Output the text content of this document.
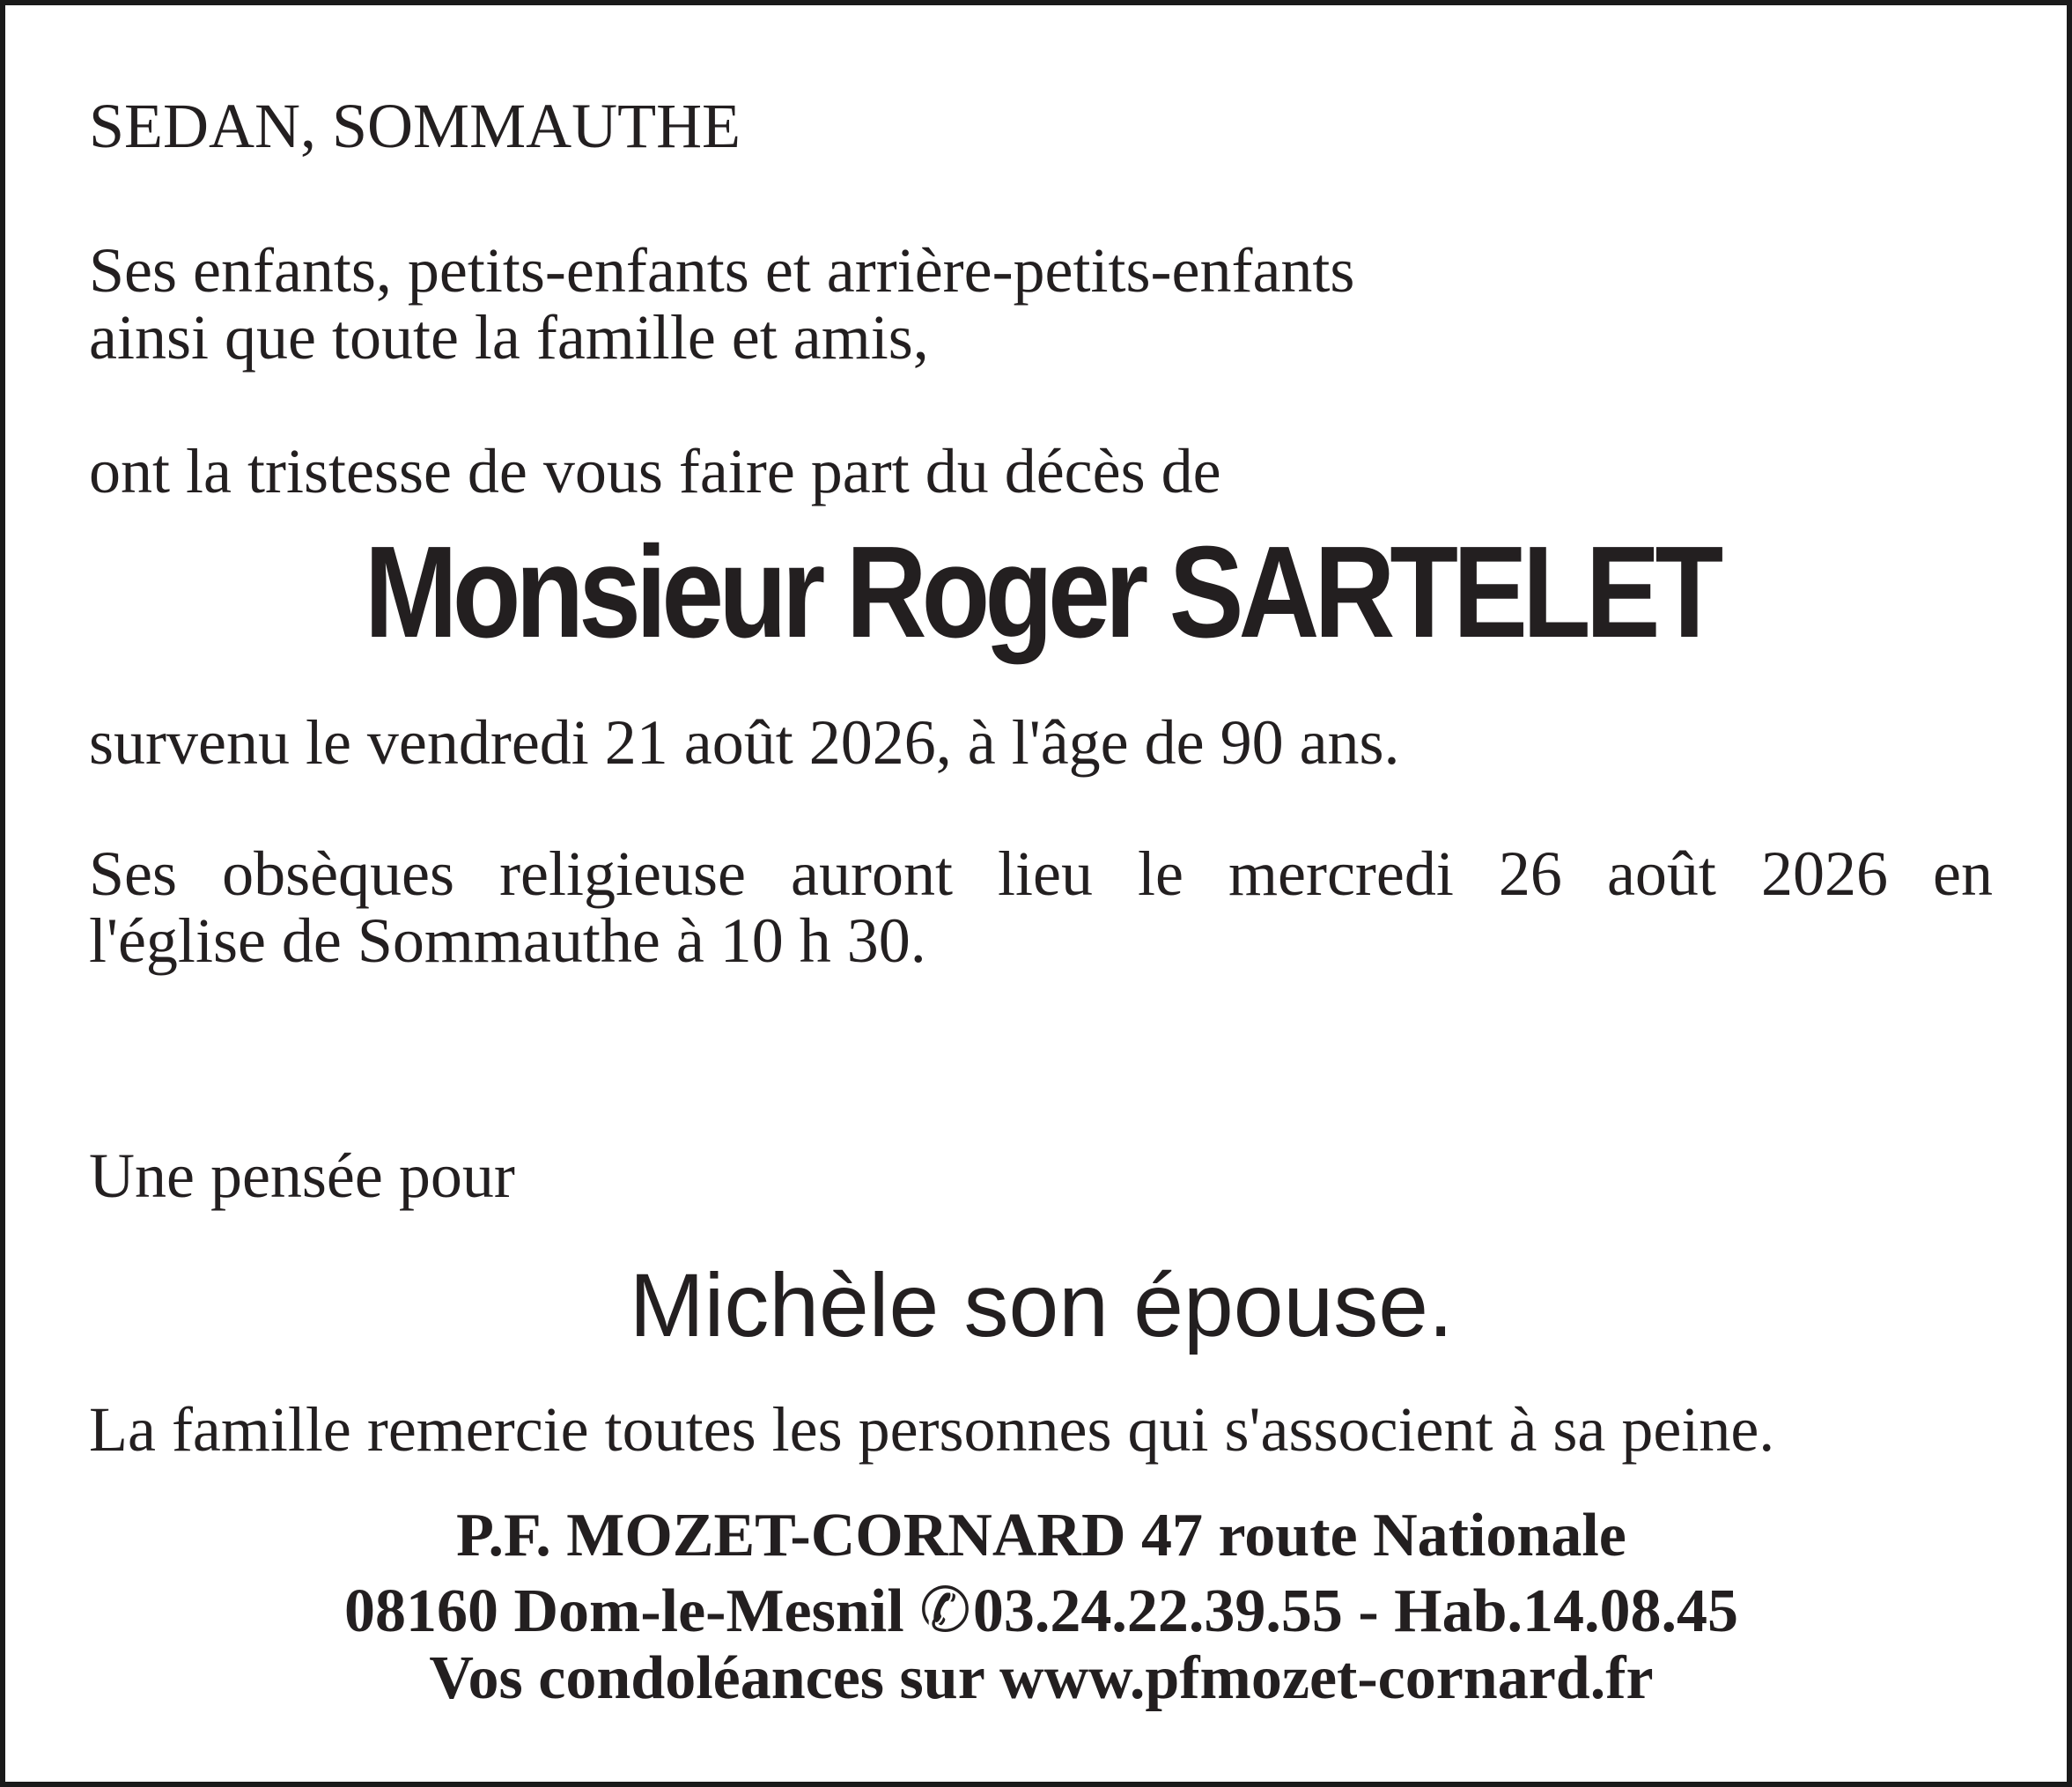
SEDAN, SOMMAUTHE

Ses enfants, petits-enfants et arrière-petits-enfants

ainsi que toute la famille et amis,

ont la tristesse de vous faire part du décès de

Monsieur Roger SARTELET

survenu le vendredi 21 août 2026, à l'âge de 90 ans.

Ses obsèques religieuse auront lieu le mercredi 26 août 2026 en
l'église de Sommauthe à 10 h 30.

Une pensée pour

Michèle son épouse.

La famille remercie toutes les personnes qui s'associent à sa peine.

P.F. MOZET-CORNARD 47 route Nationale

08160 Dom-le-Mesnil ✆03.24.22.39.55 - Hab.14.08.45

Vos condoléances sur www.pfmozet-cornard.fr
